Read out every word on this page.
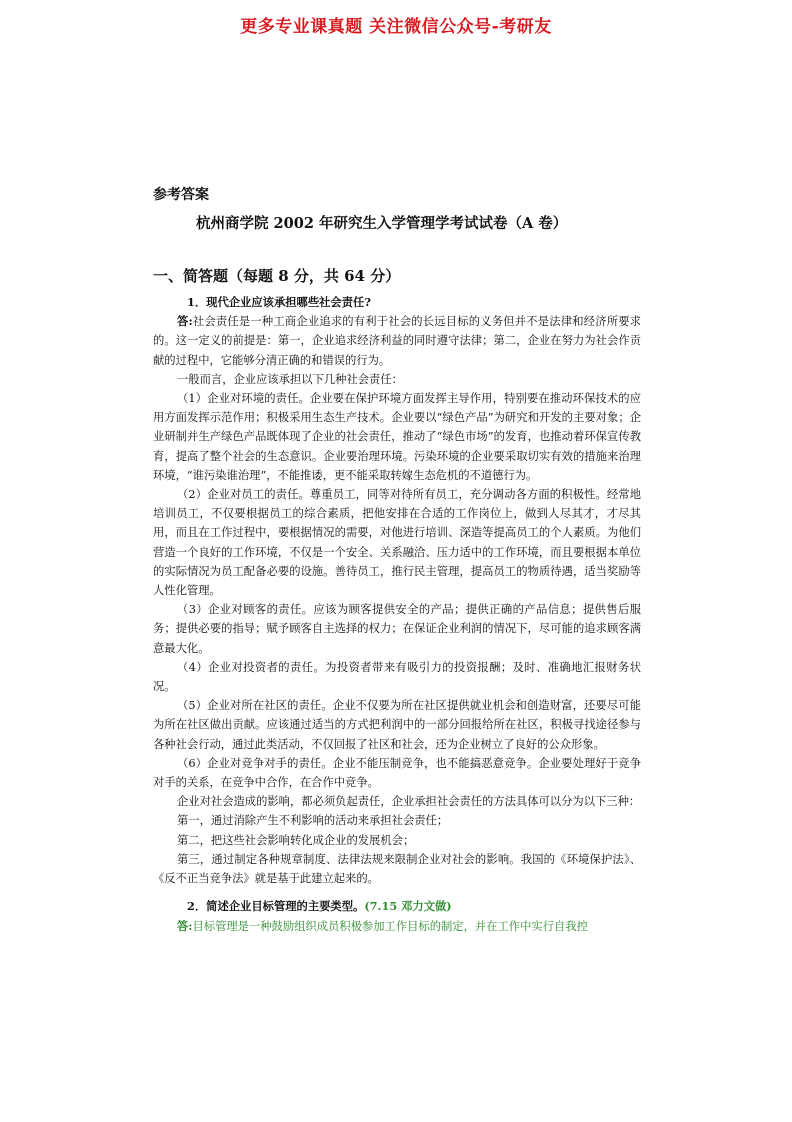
更多专业课真题 关注微信公众号-考研友
参考答案
杭州商学院 2002 年研究生入学管理学考试试卷（A 卷）
一、简答题（每题 8 分，共 64 分）
1．现代企业应该承担哪些社会责任?

答:社会责任是一种工商企业追求的有利于社会的长远目标的义务但并不是法律和经济所要求的。这一定义的前提是：第一，企业追求经济利益的同时遵守法律；第二，企业在努力为社会作贡献的过程中，它能够分清正确的和错误的行为。

一般而言，企业应该承担以下几种社会责任：

（1）企业对环境的责任。企业要在保护环境方面发挥主导作用，特别要在推动环保技术的应用方面发挥示范作用；积极采用生态生产技术。企业要以“绿色产品”为研究和开发的主要对象；企业研制并生产绿色产品既体现了企业的社会责任，推动了“绿色市场”的发育，也推动着环保宣传教育，提高了整个社会的生态意识。企业要治理环境。污染环境的企业要采取切实有效的措施来治理环境，“谁污染谁治理”，不能推诿，更不能采取转嫁生态危机的不道德行为。

（2）企业对员工的责任。尊重员工，同等对待所有员工，充分调动各方面的积极性。经常地培训员工，不仅要根据员工的综合素质，把他安排在合适的工作岗位上，做到人尽其才，才尽其用，而且在工作过程中，要根据情况的需要，对他进行培训、深造等提高员工的个人素质。为他们营造一个良好的工作环境，不仅是一个安全、关系融洽、压力适中的工作环境，而且要根据本单位的实际情况为员工配备必要的设施。善待员工，推行民主管理，提高员工的物质待遇，适当奖励等人性化管理。

（3）企业对顾客的责任。应该为顾客提供安全的产品；提供正确的产品信息；提供售后服务；提供必要的指导；赋予顾客自主选择的权力；在保证企业利润的情况下，尽可能的追求顾客满意最大化。

（4）企业对投资者的责任。为投资者带来有吸引力的投资报酬；及时、准确地汇报财务状况。

（5）企业对所在社区的责任。企业不仅要为所在社区提供就业机会和创造财富，还要尽可能为所在社区做出贡献。应该通过适当的方式把利润中的一部分回报给所在社区，积极寻找途径参与各种社会行动，通过此类活动，不仅回报了社区和社会，还为企业树立了良好的公众形象。

（6）企业对竞争对手的责任。企业不能压制竞争，也不能搞恶意竞争。企业要处理好于竞争对手的关系，在竞争中合作，在合作中竞争。

企业对社会造成的影响，都必须负起责任，企业承担社会责任的方法具体可以分为以下三种：

第一，通过消除产生不利影响的活动来承担社会责任；

第二，把这些社会影响转化成企业的发展机会；

第三，通过制定各种规章制度、法律法规来限制企业对社会的影响。我国的《环境保护法》、《反不正当竞争法》就是基于此建立起来的。

2．简述企业目标管理的主要类型。(7.15 邓力文做)

答:目标管理是一种鼓励组织成员积极参加工作目标的制定，并在工作中实行自我控
